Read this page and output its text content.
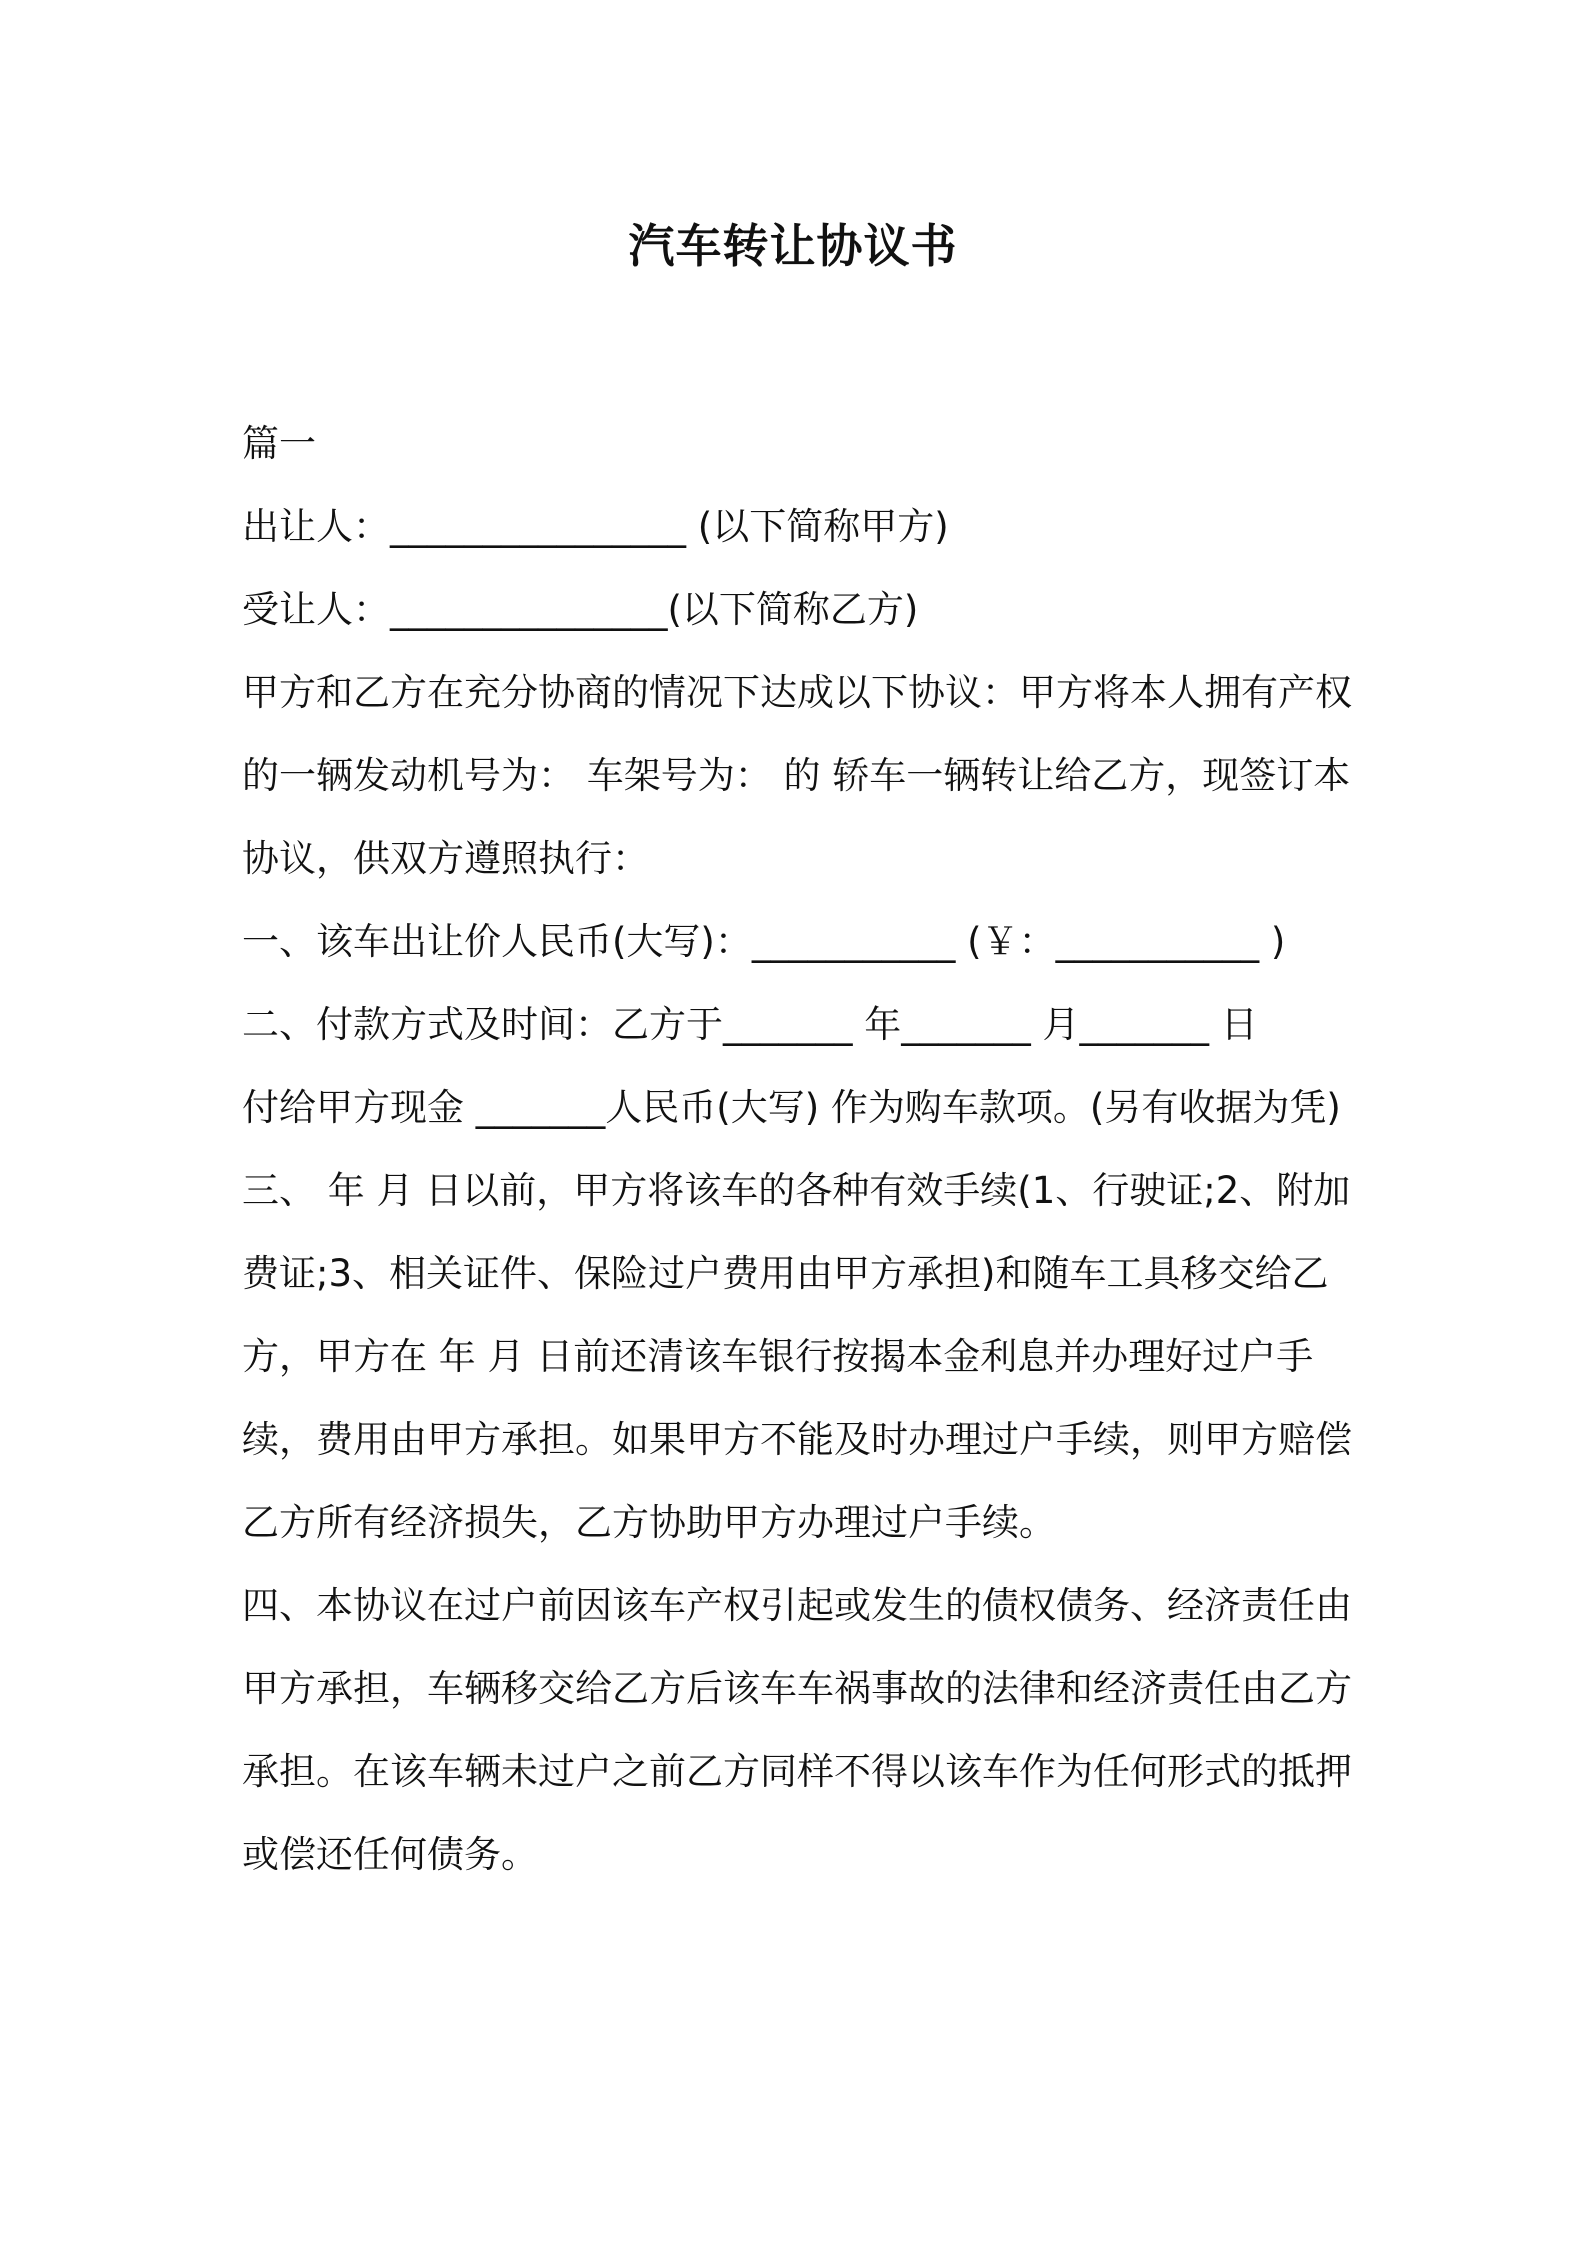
汽车转让协议书
篇一
出让人：________________ (以下简称甲方)
受让人：_______________(以下简称乙方)
甲方和乙方在充分协商的情况下达成以下协议：甲方将本人拥有产权的一辆发动机号为： 车架号为： 的 轿车一辆转让给乙方，现签订本协议，供双方遵照执行：
一、该车出让价人民币(大写)：___________ (￥：___________ )
二、付款方式及时间：乙方于_______ 年_______ 月_______ 日
付给甲方现金 _______人民币(大写) 作为购车款项。(另有收据为凭)
三、 年 月 日以前，甲方将该车的各种有效手续(1、行驶证;2、附加费证;3、相关证件、保险过户费用由甲方承担)和随车工具移交给乙方，甲方在 年 月 日前还清该车银行按揭本金利息并办理好过户手续，费用由甲方承担。如果甲方不能及时办理过户手续，则甲方赔偿乙方所有经济损失，乙方协助甲方办理过户手续。
四、本协议在过户前因该车产权引起或发生的债权债务、经济责任由甲方承担，车辆移交给乙方后该车车祸事故的法律和经济责任由乙方承担。在该车辆未过户之前乙方同样不得以该车作为任何形式的抵押或偿还任何债务。
